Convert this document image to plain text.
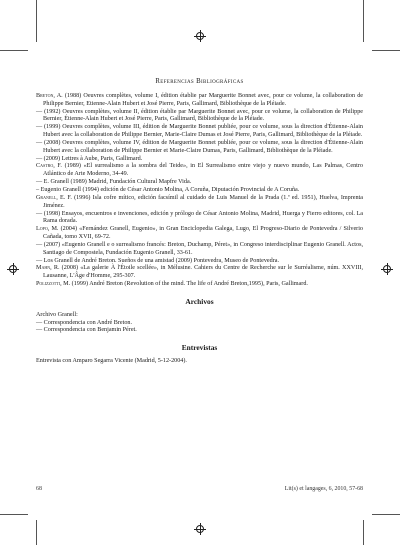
Referencias Bibliográficas

Breton, A. (1988) Oeuvres complètes, volume I, édition établie par Marguerite Bonnet avec, pour ce volume, la collaboration de Philippe Bernier, Etienne-Alain Hubert et José Pierre, Paris, Gallimard, Bibliothèque de la Pléiade.

— (1992) Oeuvres complètes, volume II, édition établie par Marguerite Bonnet avec, pour ce volume, la collaboration de Philippe Bernier, Étienne-Alain Hubert et José Pierre, Paris, Gallimard, Bibliothèque de la Pléiade.

— (1999) Oeuvres complètes, volume III, édition de Marguerite Bonnet publiée, pour ce volume, sous la direction d'Étienne-Alain Hubert avec la collaboration de Philippe Bernier, Marie-Claire Dumas et José Pierre, Paris, Gallimard, Bibliothèque de la Pléiade.

— (2008) Oeuvres complètes, volume IV, édition de Marguerite Bonnet publiée, pour ce volume, sous la direction d'Étienne-Alain Hubert avec la collaboration de Philippe Bernier et Marie-Claire Dumas, Paris, Gallimard, Bibliothèque de la Pléiade.

— (2009) Lettres à Aube, Paris, Gallimard.

Castro, F. (1989) «El surrealismo a la sombra del Teide», in El Surrealismo entre viejo y nuevo mundo, Las Palmas, Centro Atlántico de Arte Moderno, 34-49.

— E. Granell (1989) Madrid, Fundación Cultural Mapfre Vida.

– Eugenio Granell (1994) edición de César Antonio Molina, A Coruña, Diputación Provincial de A Coruña.

Granell, E. F. (1996) Isla cofre mítico, edición facsímil al cuidado de Luis Manuel de la Prada (1.ª ed. 1951), Huelva, Imprenta Jiménez.

— (1998) Ensayos, encuentros e invenciones, edición y prólogo de César Antonio Molina, Madrid, Huerga y Fierro editores, col. La Rama dorada.

Lopo, M. (2004) «Fernández Granell, Eugenio», in Gran Enciclopedia Galega, Lugo, El Progreso-Diario de Pontevedra / Silverio Cañada, tomo XVII, 69-72.

— (2007) «Eugenio Granell e o surrealismo francés: Breton, Duchamp, Péret», in Congreso interdisciplinar Eugenio Granell. Actos, Santiago de Compostela, Fundación Eugenio Granell, 33-61.

— Los Granell de André Breton. Sueños de una amistad (2009) Pontevedra, Museo de Pontevedra.

Mahn, R. (2008) «La galerie À l'Étoile scellée», in Mélusine. Cahiers du Centre de Recherche sur le Surréalisme, núm. XXVIII, Lausanne, L'Âge d'Homme, 295-307.

Polizzotti, M. (1999) André Breton (Revolution of the mind. The life of André Breton,1995), Paris, Gallimard.

Archivos

Archivo Granell:

— Correspondencia con André Breton.

— Correspondencia con Benjamin Péret.

Entrevistas

Entrevista con Amparo Segarra Vicente (Madrid, 5-12-2004).

68	Lit(s) et langages, 6, 2010, 57-68
